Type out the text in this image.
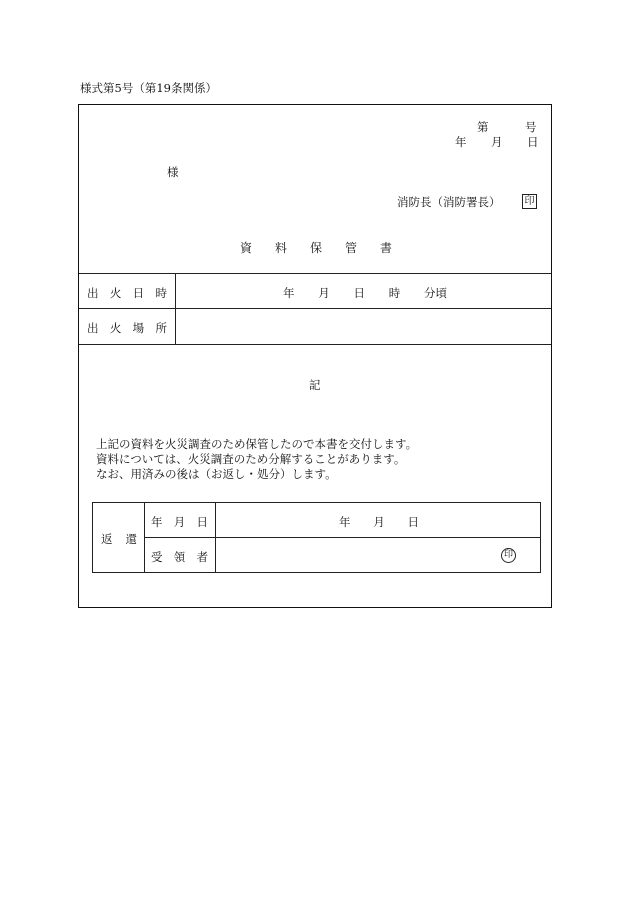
様式第5号（第19条関係）
第	号
年 月 日
様
消防長（消防署長） 印
資 料 保 管 書
出 火 日 時	年 月 日 時 分頃
出 火 場 所
記
上記の資料を火災調査のため保管したので本書を交付します。
資料については、火災調査のため分解することがあります。
なお、用済みの後は（お返し・処分）します。
返 還
年 月 日	年 月 日
受 領 者	印
